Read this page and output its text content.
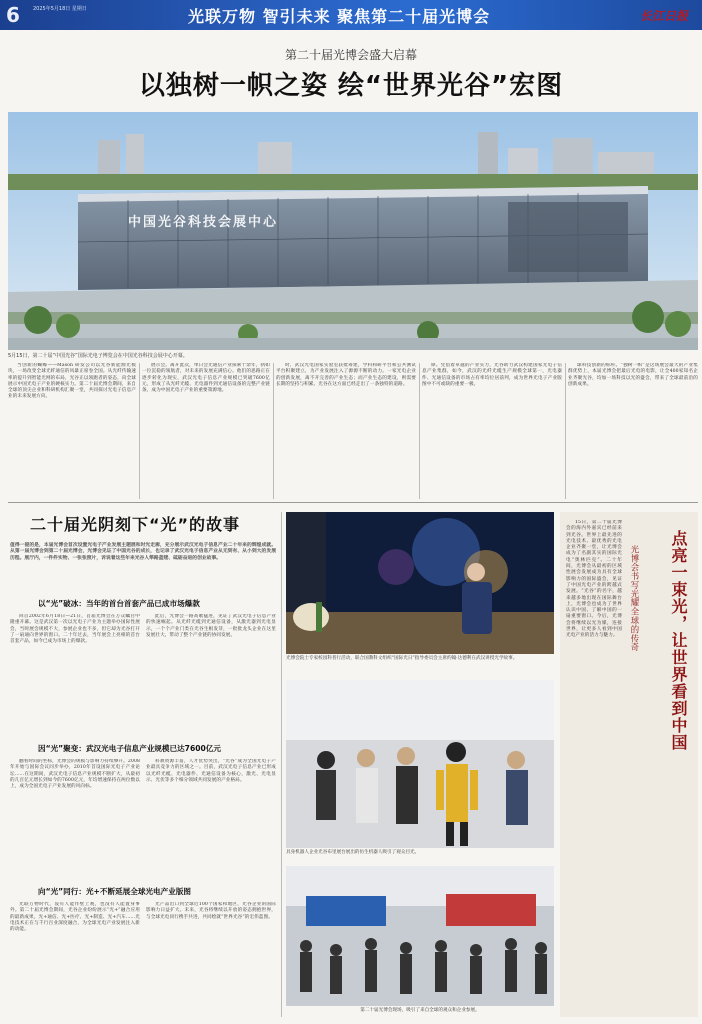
6	2025年5月18日 星期日	光联万物 智引未来 聚焦第二十届光博会	长江日报
第二十届光博会盛大启幕
以独树一帜之姿 绘“世界光谷”宏图
中国光谷科技会展中心
5月15日，第二十届“中国光谷”国际光电子博览会在中国光谷科技会展中心开幕。

当创新的蝴蝶——Mason 研发公司以光谷新能源光模块，一场改变全球光纤通信的风暴正席卷全国。从光纤传输速率的提升到智能光网的布局，光谷正以领跑者的姿态，向全球展示中国光电子产业的硬核实力。第二十届光博会期间，来自全球的顶尖企业和科研机构汇聚一堂，共同探讨光电子信息产业的未来发展方向。

展示会。离开此次，单日会光通信产业探索十余年，执如一位沉稳的领航者，对未来的发展充满信心。他们的思路正在逐步转化为现实，武汉光电子信息产业规模已突破7600亿元，形成了从光纤光缆、光电器件到光通信设备的完整产业链条，成为中国光电子产业的重要策源地。

时，武汉光电国家实验室获批筹建，学科和研平台和公共测试平台积聚建立，为产业发展注入了源源不断的动力。一家光电企业的创新发展，离不开完善的产业生态；而产业生态的建设，则需要长期的坚持与积累。光谷在这方面已经走出了一条独特的道路。

偉。凭借着卓越的产业实力，光谷助力武汉构建国家光电子信息产业集群，如今，武汉的光纤光缆生产规模全球第一，光电器件、光通信设备的市场占有率均位居前列，成为世界光电子产业版图中不可或缺的重要一极。

球科技创新的标杆。“独树一帜”是这场展会最大的产业集群优势上，本届光博会把最后光电的电影，让全400家知名企业齐聚光谷，均加一场科技以光的盛会，带来了全球最前沿的创新成果。

二十届光阴刻下“光”的故事
值得一提的是，本届光博会首次设置光电子产业发展主题展和时光走廊，充分展示武汉光电子信息产业二十年来的辉煌成就。从第一届光博会到第二十届光博会，光博会见证了中国光谷的成长，也记录了武汉光电子信息产业从无到有、从小到大的发展历程。展厅内，一件件实物、一张张照片，诉说着这些年来光谷人筚路蓝缕、砥砺奋进的创业故事。
以“光”破冰：当年的首台首套产品已成市场爆款

回首2002年6月18日—21日，首届光博会在万众瞩目中隆重开幕。这是武汉第一次以光电子产业为主题举办国际性展会，当时展会规模不大，参展企业也不多，但它却为光谷打开了一扇通向世界的窗口。二十年过去，当年展会上亮相的首台首套产品，如今已成为市场上的爆款。

此后，光博会一路高歌猛进，见证了武汉光电子信息产业的快速崛起。从光纤光缆到光通信设备，从激光器到光电显示，一个个产业门类在光谷生根发芽，一批批龙头企业在这里发展壮大，带动了整个产业链的协同发展。

因“光”聚变：武汉光电子信息产业规模已达7600亿元

翻看时间的坐标，光博会的规模与影响力持续攀升。2008年开始与国际会议同步举办，2010年首设国际光电子产业论坛……在这期间，武汉光电子信息产业规模不断扩大，从最初的几百亿元增长到如今的7600亿元，年均增速保持在两位数以上，成为全国光电子产业发展的风向标。

科教资源丰富，人才优势突出，“光谷”成为全国光电子产业最具竞争力的区域之一。目前，武汉光电子信息产业已形成以光纤光缆、光电器件、光通信设备为核心，激光、光电显示、光伏等多个细分领域共同发展的产业格局。

向“光”同行：光+不断延展全球光电产业版图

光联万物时代，没有人能作壁上观，也没有人能置身事外。第二十届光博会期间，光谷企业纷纷展示“光+”融合应用的最新成果，光+通信、光+医疗、光+制造、光+汽车……光电技术正在与千行百业深度融合，为全球光电产业发展注入新的动能。

光产品出口到全球近100个国家和地区，光谷企业的国际影响力日益扩大。未来，光谷将继续以开放的姿态拥抱世界，与全球光电同行携手共进，共同绘就“世界光谷”的宏伟蓝图。

光博会院士专家校园科普行活动，联合国教科文组织“国际光日”指导委员会主席约翰·达德利在武汉讲授光学故事。
具身机器人企业光谷布里展台展出的仿生机器人吸引了观众目光。
第二十届光博会现场，吸引了来自全球的观众和企业参展。
点亮一束光，让世界看到中国
光博会书写光耀全球的传奇

15日，第二十届光博会的海内外嘉宾已经前来到光谷。世界上最先进的光电技术、最优秀的光电企业齐聚一堂，让光博会成为了名副其实的国际光电“奥林匹克”。二十年间，光博会从最初的区域性展会发展成为具有全球影响力的国际盛会，见证了中国光电产业的跨越式发展。“光谷”的名字，越来越多地出现在国际舞台上，光博会也成为了世界认识中国、了解中国的一扇重要窗口。今后，光博会将继续以光为媒，连接世界，让更多人看到中国光电产业的活力与魅力。
